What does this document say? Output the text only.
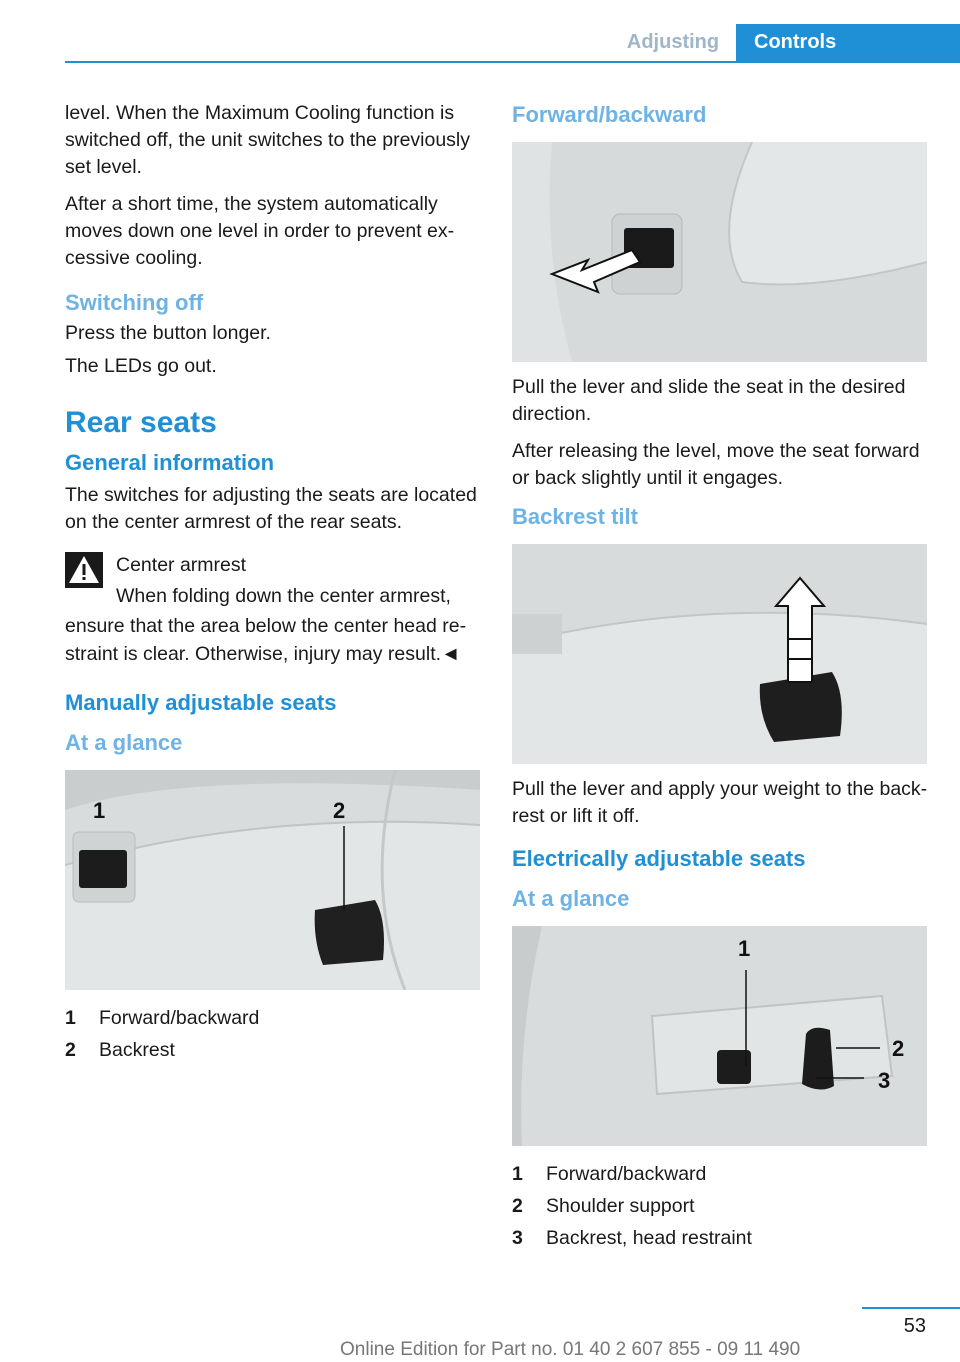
Adjusting	Controls

level. When the Maximum Cooling function is switched off, the unit switches to the previously set level.

After a short time, the system automatically moves down one level in order to prevent ex‐cessive cooling.

Switching off

Press the button longer.

The LEDs go out.

Rear seats
General information

The switches for adjusting the seats are located on the center armrest of the rear seats.

Center armrest
When folding down the center armrest,
ensure that the area below the center head re‐straint is clear. Otherwise, injury may result.◄
Manually adjustable seats
At a glance
1	2
1	Forward/backward
2	Backrest
Forward/backward

Pull the lever and slide the seat in the desired direction.

After releasing the level, move the seat forward or back slightly until it engages.

Backrest tilt

Pull the lever and apply your weight to the back‐rest or lift it off.

Electrically adjustable seats
At a glance
1
2
3
1	Forward/backward
2	Shoulder support
3	Backrest, head restraint
53
Online Edition for Part no. 01 40 2 607 855 - 09 11 490
